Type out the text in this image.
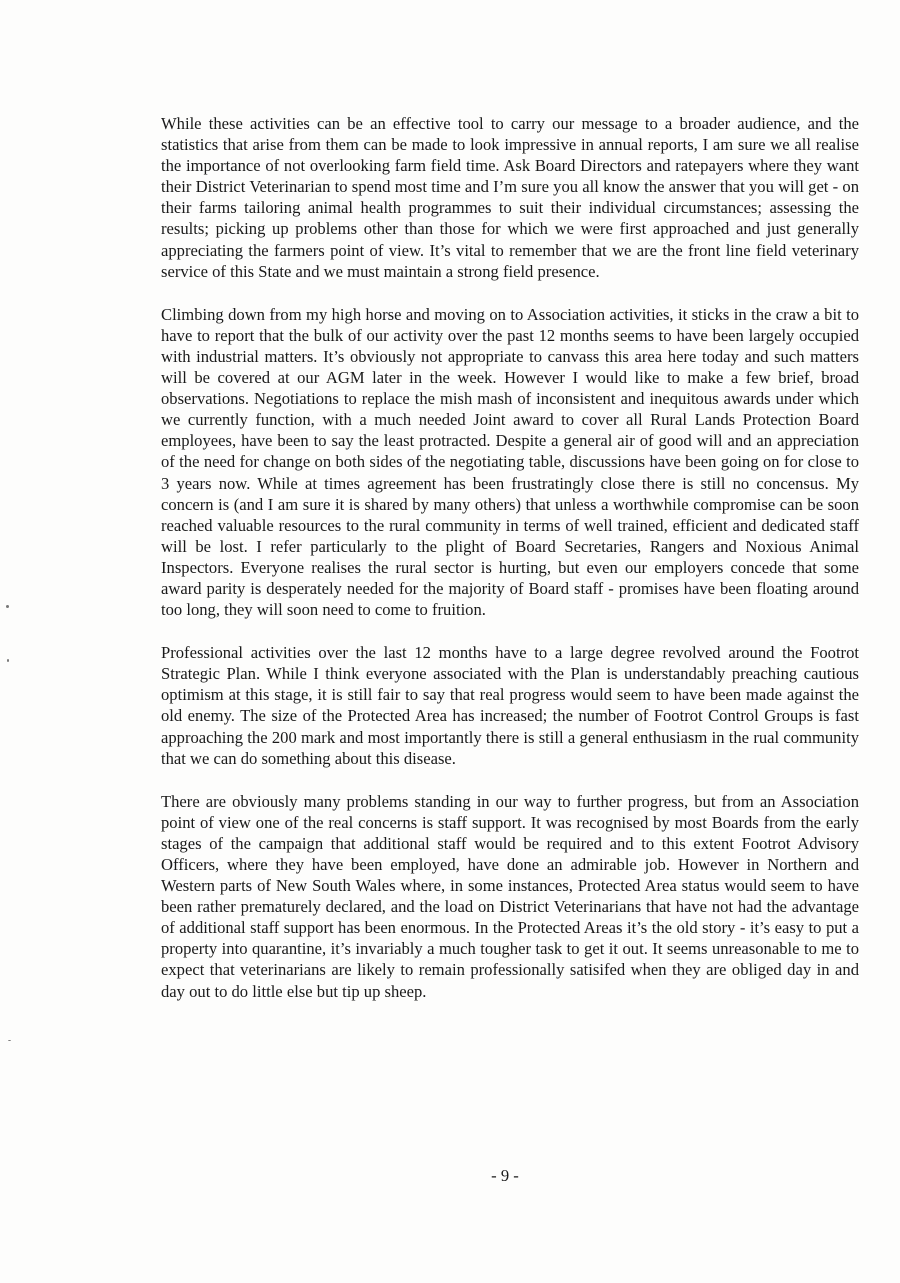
While these activities can be an effective tool to carry our message to a broader audience, and the statistics that arise from them can be made to look impressive in annual reports, I am sure we all realise the importance of not overlooking farm field time. Ask Board Directors and ratepayers where they want their District Veterinarian to spend most time and I’m sure you all know the answer that you will get - on their farms tailoring animal health programmes to suit their individual circumstances; assessing the results; picking up problems other than those for which we were first approached and just generally appreciating the farmers point of view. It’s vital to remember that we are the front line field veterinary service of this State and we must maintain a strong field presence.

Climbing down from my high horse and moving on to Association activities, it sticks in the craw a bit to have to report that the bulk of our activity over the past 12 months seems to have been largely occupied with industrial matters. It’s obviously not appropriate to canvass this area here today and such matters will be covered at our AGM later in the week. However I would like to make a few brief, broad observations. Negotiations to replace the mish mash of inconsistent and inequitous awards under which we currently function, with a much needed Joint award to cover all Rural Lands Protection Board employees, have been to say the least protracted. Despite a general air of good will and an appreciation of the need for change on both sides of the negotiating table, discussions have been going on for close to 3 years now. While at times agreement has been frustratingly close there is still no concensus. My concern is (and I am sure it is shared by many others) that unless a worthwhile compromise can be soon reached valuable resources to the rural community in terms of well trained, efficient and dedicated staff will be lost. I refer particularly to the plight of Board Secretaries, Rangers and Noxious Animal Inspectors. Everyone realises the rural sector is hurting, but even our employers concede that some award parity is desperately needed for the majority of Board staff - promises have been floating around too long, they will soon need to come to fruition.

Professional activities over the last 12 months have to a large degree revolved around the Footrot Strategic Plan. While I think everyone associated with the Plan is understandably preaching cautious optimism at this stage, it is still fair to say that real progress would seem to have been made against the old enemy. The size of the Protected Area has increased; the number of Footrot Control Groups is fast approaching the 200 mark and most importantly there is still a general enthusiasm in the rual community that we can do something about this disease.

There are obviously many problems standing in our way to further progress, but from an Association point of view one of the real concerns is staff support. It was recognised by most Boards from the early stages of the campaign that additional staff would be required and to this extent Footrot Advisory Officers, where they have been employed, have done an admirable job. However in Northern and Western parts of New South Wales where, in some instances, Protected Area status would seem to have been rather prematurely declared, and the load on District Veterinarians that have not had the advantage of additional staff support has been enormous. In the Protected Areas it’s the old story - it’s easy to put a property into quarantine, it’s invariably a much tougher task to get it out. It seems unreasonable to me to expect that veterinarians are likely to remain professionally satisifed when they are obliged day in and day out to do little else but tip up sheep.

- 9 -
